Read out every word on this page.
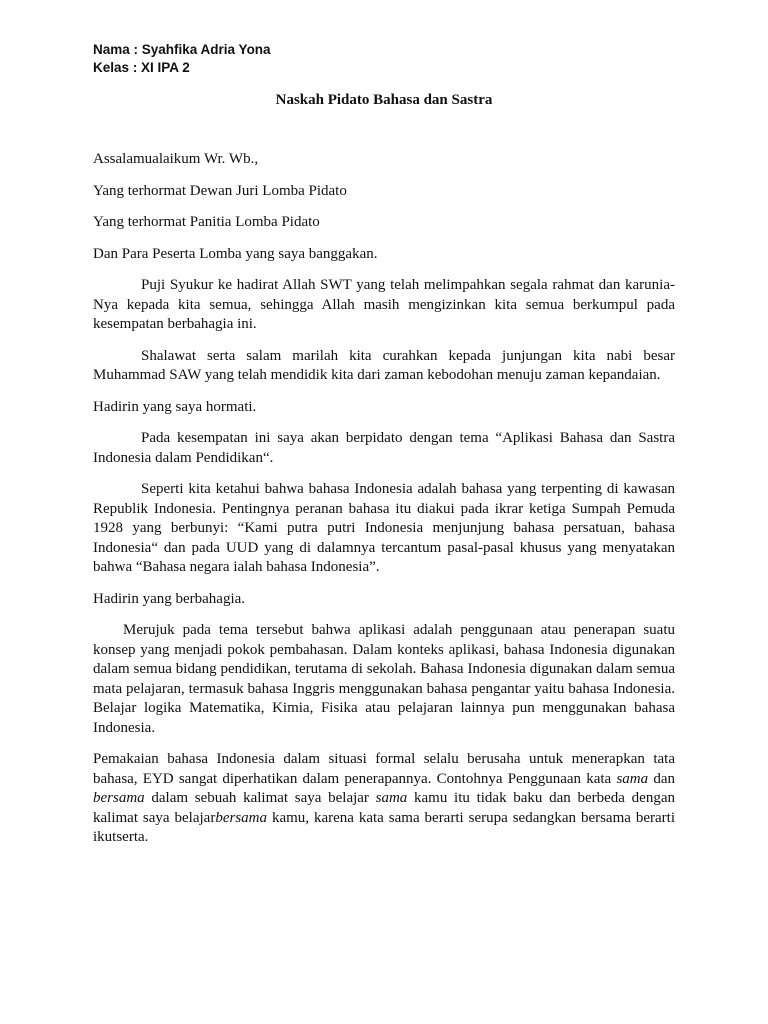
Nama : Syahfika Adria Yona
Kelas : XI IPA 2
Naskah Pidato Bahasa dan Sastra

Assalamualaikum Wr. Wb.,

Yang terhormat Dewan Juri Lomba Pidato

Yang terhormat Panitia Lomba Pidato

Dan Para Peserta Lomba yang saya banggakan.

Puji Syukur ke hadirat Allah SWT yang telah melimpahkan segala rahmat dan karunia-Nya kepada kita semua, sehingga Allah masih mengizinkan kita semua berkumpul pada kesempatan berbahagia ini.

Shalawat serta salam marilah kita curahkan kepada junjungan kita nabi besar Muhammad SAW yang telah mendidik kita dari zaman kebodohan menuju zaman kepandaian.

Hadirin yang saya hormati.

Pada kesempatan ini saya akan berpidato dengan tema “Aplikasi Bahasa dan Sastra Indonesia dalam Pendidikan“.

Seperti kita ketahui bahwa bahasa Indonesia adalah bahasa yang terpenting di kawasan Republik Indonesia. Pentingnya peranan bahasa itu diakui pada ikrar ketiga Sumpah Pemuda 1928 yang berbunyi: “Kami putra putri Indonesia menjunjung bahasa persatuan, bahasa Indonesia“ dan pada UUD yang di dalamnya tercantum pasal-pasal khusus yang menyatakan bahwa “Bahasa negara ialah bahasa Indonesia”.

Hadirin yang berbahagia.

Merujuk pada tema tersebut bahwa aplikasi adalah penggunaan atau penerapan suatu konsep yang menjadi pokok pembahasan. Dalam konteks aplikasi, bahasa Indonesia digunakan dalam semua bidang pendidikan, terutama di sekolah. Bahasa Indonesia digunakan dalam semua mata pelajaran, termasuk bahasa Inggris menggunakan bahasa pengantar yaitu bahasa Indonesia. Belajar logika Matematika, Kimia, Fisika atau pelajaran lainnya pun menggunakan bahasa Indonesia.

Pemakaian bahasa Indonesia dalam situasi formal selalu berusaha untuk menerapkan tata bahasa, EYD sangat diperhatikan dalam penerapannya. Contohnya Penggunaan kata sama dan bersama dalam sebuah kalimat saya belajar sama kamu itu tidak baku dan berbeda dengan kalimat saya belajarbersama kamu, karena kata sama berarti serupa sedangkan bersama berarti ikutserta.
